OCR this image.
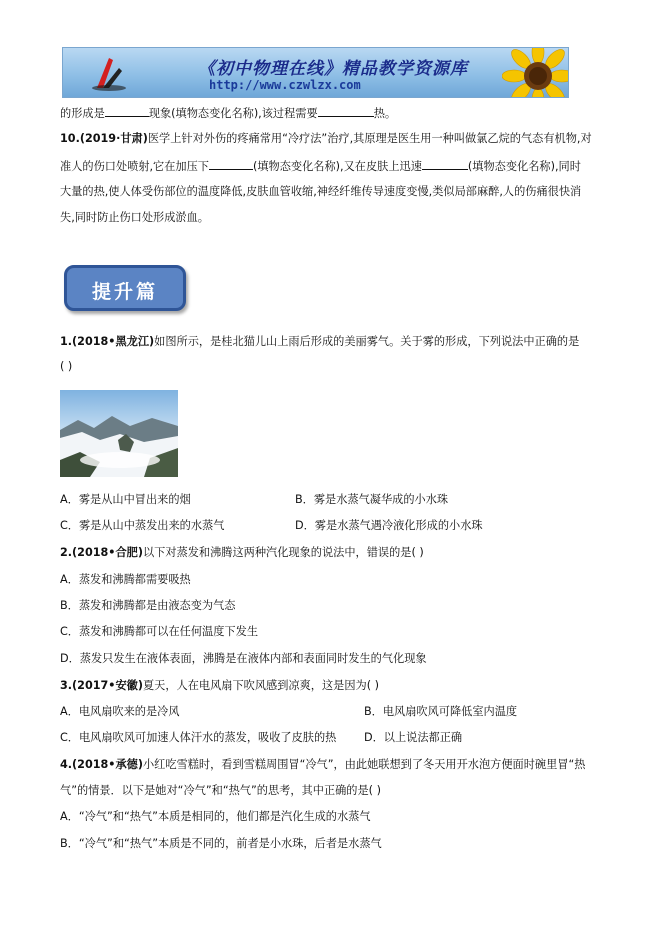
《初中物理在线》精品教学资源库
http://www.czwlzx.com
的形成是	现象(填物态变化名称),该过程需要	热。
10.(2019·甘肃)医学上针对外伤的疼痛常用“冷疗法”治疗,其原理是医生用一种叫做氯乙烷的气态有机物,对
准人的伤口处喷射,它在加压下	(填物态变化名称),又在皮肤上迅速	(填物态变化名称),同时
大量的热,使人体受伤部位的温度降低,皮肤血管收缩,神经纤维传导速度变慢,类似局部麻醉,人的伤痛很快消
失,同时防止伤口处形成淤血。
提升篇
1.(2018•黑龙江)如图所示，是桂北猫儿山上雨后形成的美丽雾气。关于雾的形成，下列说法中正确的是
( )
A．雾是从山中冒出来的烟	B．雾是水蒸气凝华成的小水珠
C．雾是从山中蒸发出来的水蒸气	D．雾是水蒸气遇冷液化形成的小水珠
2.(2018•合肥)以下对蒸发和沸腾这两种汽化现象的说法中，错误的是( )
A．蒸发和沸腾都需要吸热
B．蒸发和沸腾都是由液态变为气态
C．蒸发和沸腾都可以在任何温度下发生
D．蒸发只发生在液体表面，沸腾是在液体内部和表面同时发生的气化现象
3.(2017•安徽)夏天，人在电风扇下吹风感到凉爽，这是因为( )
A．电风扇吹来的是冷风	B．电风扇吹风可降低室内温度
C．电风扇吹风可加速人体汗水的蒸发，吸收了皮肤的热 D．以上说法都正确
4.(2018•承德)小红吃雪糕时，看到雪糕周围冒“冷气”，由此她联想到了冬天用开水泡方便面时碗里冒“热
气”的情景．以下是她对“冷气”和“热气”的思考，其中正确的是( )
A．“冷气”和“热气”本质是相同的，他们都是汽化生成的水蒸气
B．“冷气”和“热气”本质是不同的，前者是小水珠，后者是水蒸气
